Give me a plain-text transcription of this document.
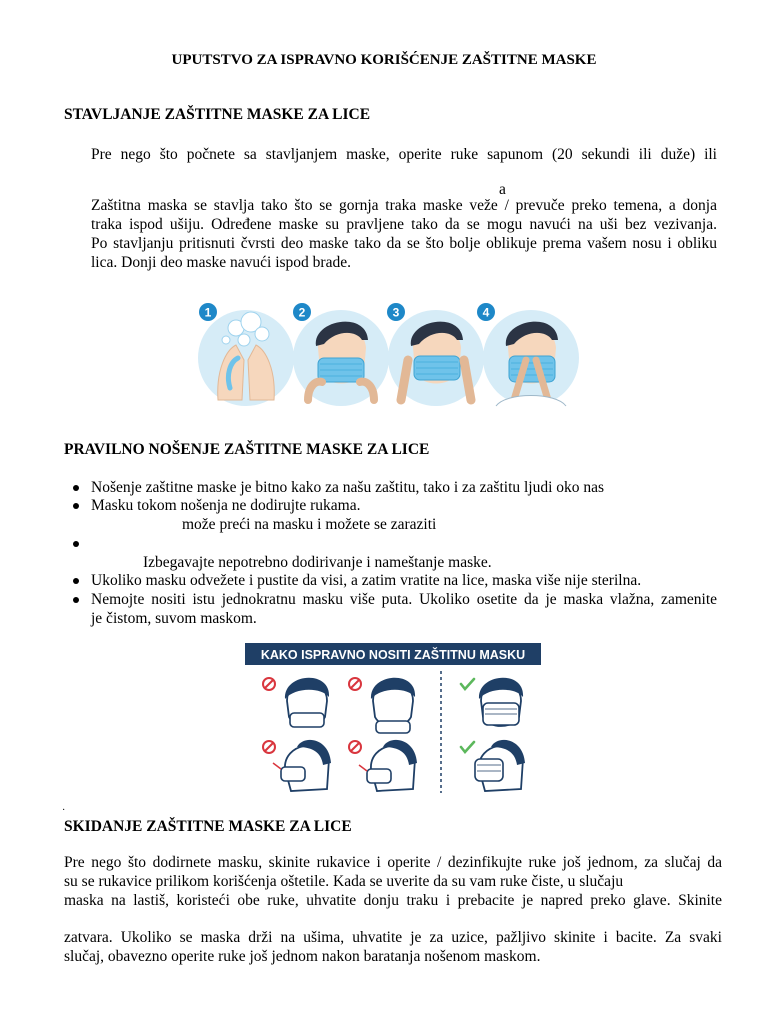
UPUTSTVO ZA ISPRAVNO KORIŠĆENJE ZAŠTITNE MASKE
STAVLJANJE ZAŠTITNE MASKE ZA LICE
Pre nego što počnete sa stavljanjem maske, operite ruke sapunom (20 sekundi ili duže) ili
a
Zaštitna maska se stavlja tako što se gornja traka maske veže / prevuče preko temena, a donja
traka ispod ušiju. Određene maske su pravljene tako da se mogu navući na uši bez vezivanja.
Po stavljanju pritisnuti čvrsti deo maske tako da se što bolje oblikuje prema vašem nosu i obliku
lica. Donji deo maske navući ispod brade.
1	2	3	4
PRAVILNO NOŠENJE ZAŠTITNE MASKE ZA LICE
Nošenje zaštitne maske je bitno kako za našu zaštitu, tako i za zaštitu ljudi oko nas
Masku tokom nošenja ne dodirujte rukama.
može preći na masku i možete se zaraziti
Izbegavajte nepotrebno dodirivanje i nameštanje maske.
Ukoliko masku odvežete i pustite da visi, a zatim vratite na lice, maska više nije sterilna.
Nemojte nositi istu jednokratnu masku više puta. Ukoliko osetite da je maska vlažna, zamenite
je čistom, suvom maskom.
KAKO ISPRAVNO NOSITI ZAŠTITNU MASKU
·
SKIDANJE ZAŠTITNE MASKE ZA LICE
Pre nego što dodirnete masku, skinite rukavice i operite / dezinfikujte ruke još jednom, za slučaj da
su se rukavice prilikom korišćenja oštetile. Kada se uverite da su vam ruke čiste, u slučaju
maska na lastiš, koristeći obe ruke, uhvatite donju traku i prebacite je napred preko glave. Skinite
zatvara. Ukoliko se maska drži na ušima, uhvatite je za uzice, pažljivo skinite i bacite. Za svaki
slučaj, obavezno operite ruke još jednom nakon baratanja nošenom maskom.
